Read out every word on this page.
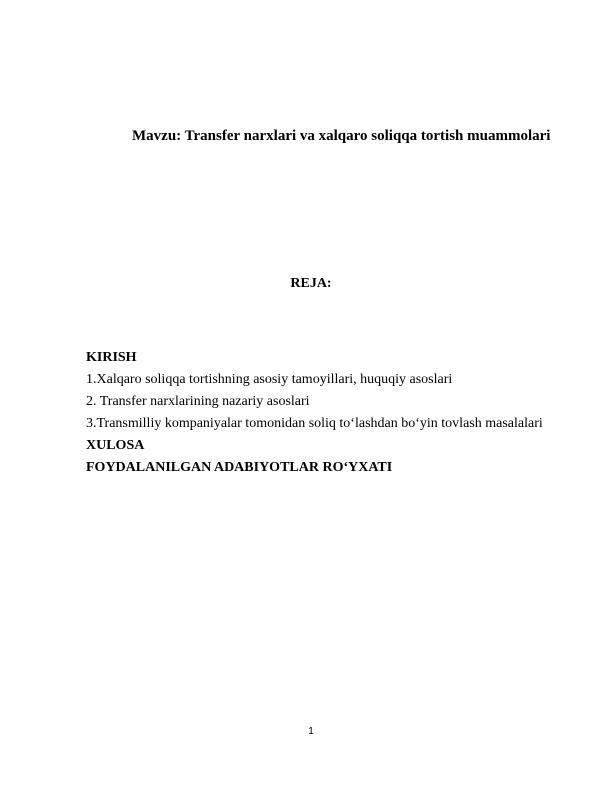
Mavzu: Transfer narxlari va xalqaro soliqqa tortish muammolari
REJA:
KIRISH
1.Xalqaro soliqqa tortishning asosiy tamoyillari, huquqiy asoslari
2. Transfer narxlarining nazariy asoslari
3.Transmilliy kompaniyalar tomonidan soliq to‘lashdan bo‘yin tovlash masalalari
XULOSA
FOYDALANILGAN ADABIYOTLAR RO‘YXATI
1
